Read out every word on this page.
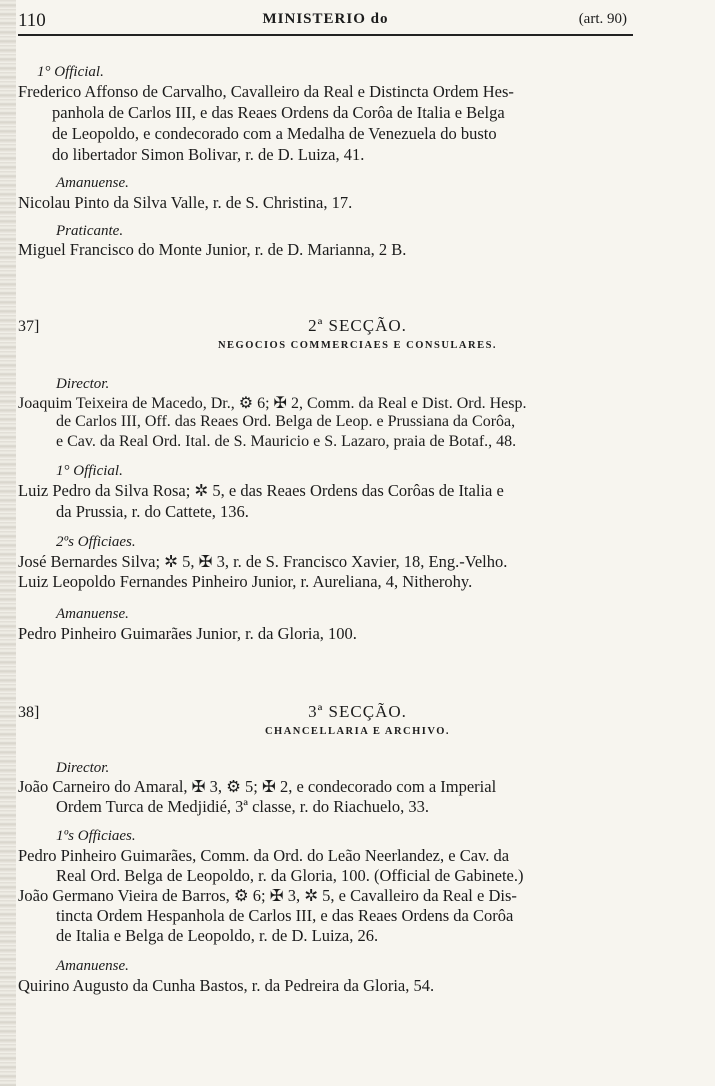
110	MINISTERIO do	(art. 90)
1° Official.
Frederico Affonso de Carvalho, Cavalleiro da Real e Distincta Ordem Hes-
panhola de Carlos III, e das Reaes Ordens da Corôa de Italia e Belga
de Leopoldo, e condecorado com a Medalha de Venezuela do busto
do libertador Simon Bolivar, r. de D. Luiza, 41.
Amanuense.
Nicolau Pinto da Silva Valle, r. de S. Christina, 17.
Praticante.
Miguel Francisco do Monte Junior, r. de D. Marianna, 2 B.
37]	2ª SECÇÃO.
NEGOCIOS COMMERCIAES E CONSULARES.
Director.
Joaquim Teixeira de Macedo, Dr., ⚙ 6; ✠ 2, Comm. da Real e Dist. Ord. Hesp.
de Carlos III, Off. das Reaes Ord. Belga de Leop. e Prussiana da Corôa,
e Cav. da Real Ord. Ital. de S. Mauricio e S. Lazaro, praia de Botaf., 48.
1° Official.
Luiz Pedro da Silva Rosa; ✲ 5, e das Reaes Ordens das Corôas de Italia e
da Prussia, r. do Cattete, 136.
2ºs Officiaes.
José Bernardes Silva; ✲ 5, ✠ 3, r. de S. Francisco Xavier, 18, Eng.-Velho.
Luiz Leopoldo Fernandes Pinheiro Junior, r. Aureliana, 4, Nitherohy.
Amanuense.
Pedro Pinheiro Guimarães Junior, r. da Gloria, 100.
38]	3ª SECÇÃO.
CHANCELLARIA E ARCHIVO.
Director.
João Carneiro do Amaral, ✠ 3, ⚙ 5; ✠ 2, e condecorado com a Imperial
Ordem Turca de Medjidié, 3ª classe, r. do Riachuelo, 33.
1ºs Officiaes.
Pedro Pinheiro Guimarães, Comm. da Ord. do Leão Neerlandez, e Cav. da
Real Ord. Belga de Leopoldo, r. da Gloria, 100. (Official de Gabinete.)
João Germano Vieira de Barros, ⚙ 6; ✠ 3, ✲ 5, e Cavalleiro da Real e Dis-
tincta Ordem Hespanhola de Carlos III, e das Reaes Ordens da Corôa
de Italia e Belga de Leopoldo, r. de D. Luiza, 26.
Amanuense.
Quirino Augusto da Cunha Bastos, r. da Pedreira da Gloria, 54.
